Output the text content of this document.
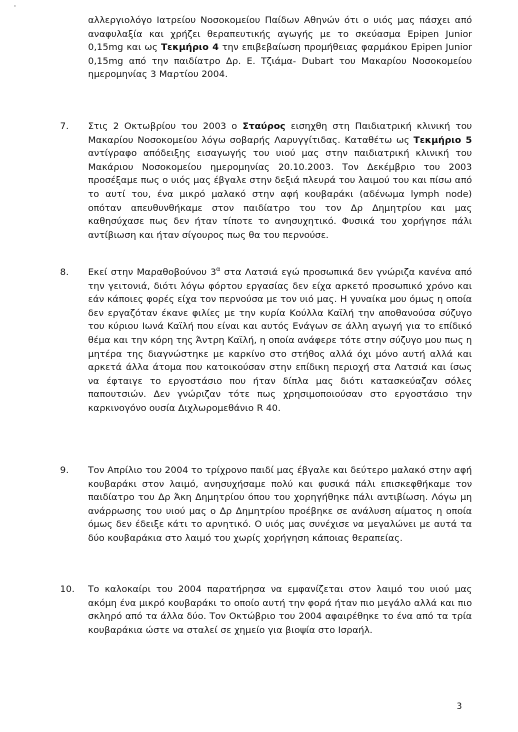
'
αλλεργιολόγο Ιατρείου Νοσοκομείου Παίδων Αθηνών ότι ο υιός μας πάσχει από αναφυλαξία και χρήζει θεραπευτικής αγωγής με το σκεύασμα Epipen Junior 0,15mg και ως Τεκμήριο 4 την επιβεβαίωση προμήθειας φαρμάκου Epipen Junior 0,15mg από την παιδίατρο Δρ. Ε. Τζιάμα- Dubart του Μακαρίου Νοσοκομείου ημερομηνίας 3 Μαρτίου 2004.
7. Στις 2 Οκτωβρίου του 2003 ο Σταύρος εισηχθη στη Παιδιατρική κλινική του Μακαρίου Νοσοκομείου λόγω σοβαρής Λαρυγγίτιδας. Καταθέτω ως Τεκμήριο 5 αντίγραφο απόδειξης εισαγωγής του υιού μας στην παιδιατρική κλινική του Μακάριου Νοσοκομείου ημερομηνίας 20.10.2003. Τον Δεκέμβριο του 2003 προσέξαμε πως ο υιός μας έβγαλε στην δεξιά πλευρά του λαιμού του και πίσω από το αυτί του, ένα μικρό μαλακό στην αφή κουβαράκι (αδένωμα lymph node) οπόταν απευθυνθήκαμε στον παιδίατρο του τον Δρ Δημητρίου και μας καθησύχασε πως δεν ήταν τίποτε το ανησυχητικό. Φυσικά του χορήγησε πάλι αντίβιωση και ήταν σίγουρος πως θα του περνούσε.
8. Εκεί στην Μαραθοβούνου $3^\alpha$ στα Λατσιά εγώ προσωπικά δεν γνώριζα κανένα από την γειτονιά, διότι λόγω φόρτου εργασίας δεν είχα αρκετό προσωπικό χρόνο και εάν κάποιες φορές είχα τον περνούσα με τον υιό μας. Η γυναίκα μου όμως η οποία δεν εργαζόταν έκανε φιλίες με την κυρία Κούλλα Καϊλή την αποθανούσα σύζυγο του κύριου Ιωνά Καϊλή που είναι και αυτός Ενάγων σε άλλη αγωγή για το επίδικό θέμα και την κόρη της Άντρη Καϊλή, η οποία ανάφερε τότε στην σύζυγο μου πως η μητέρα της διαγνώστηκε με καρκίνο στο στήθος αλλά όχι μόνο αυτή αλλά και αρκετά άλλα άτομα που κατοικούσαν στην επίδικη περιοχή στα Λατσιά και ίσως να έφταιγε το εργοστάσιο που ήταν δίπλα μας διότι κατασκεύαζαν σόλες παπουτσιών. Δεν γνώριζαν τότε πως χρησιμοποιούσαν στο εργοστάσιο την καρκινογόνο ουσία Διχλωρομεθάνιο R 40.
9. Τον Απρίλιο του 2004 το τρίχρονο παιδί μας έβγαλε και δεύτερο μαλακό στην αφή κουβαράκι στον λαιμό, ανησυχήσαμε πολύ και φυσικά πάλι επισκεφθήκαμε τον παιδίατρο του Δρ Άκη Δημητρίου όπου του χορηγήθηκε πάλι αντιβίωση. Λόγω μη ανάρρωσης του υιού μας ο Δρ Δημητρίου προέβηκε σε ανάλυση αίματος η οποία όμως δεν έδειξε κάτι το αρνητικό. Ο υιός μας συνέχισε να μεγαλώνει με αυτά τα δύο κουβαράκια στο λαιμό του χωρίς χορήγηση κάποιας θεραπείας.
10. Το καλοκαίρι του 2004 παρατήρησα να εμφανίζεται στον λαιμό του υιού μας ακόμη ένα μικρό κουβαράκι το οποίο αυτή την φορά ήταν πιο μεγάλο αλλά και πιο σκληρό από τα άλλα δύο. Τον Οκτώβριο του 2004 αφαιρέθηκε το ένα από τα τρία κουβαράκια ώστε να σταλεί σε χημείο για βιοψία στο Ισραήλ.
3
